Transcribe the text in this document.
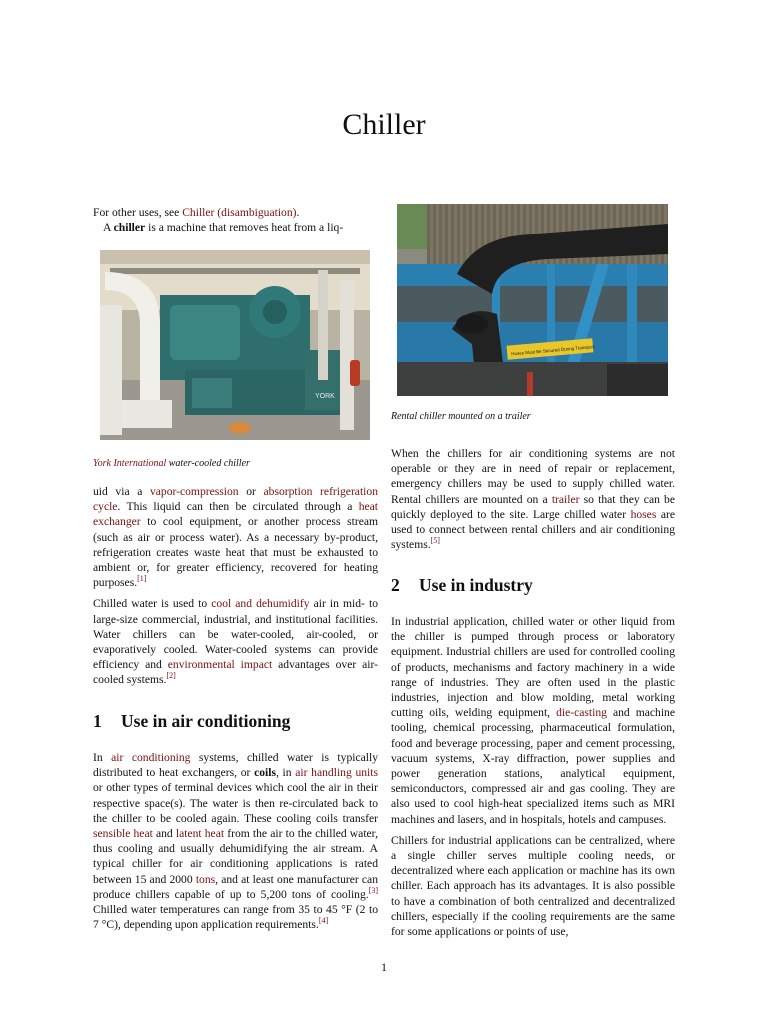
Chiller

For other uses, see Chiller (disambiguation).

A chiller is a machine that removes heat from a liq-

YORK
York International water-cooled chiller

uid via a vapor-compression or absorption refrigeration cycle. This liquid can then be circulated through a heat exchanger to cool equipment, or another process stream (such as air or process water). As a necessary by-product, refrigeration creates waste heat that must be exhausted to ambient or, for greater efficiency, recovered for heating purposes.[1]

Chilled water is used to cool and dehumidify air in mid- to large-size commercial, industrial, and institutional facilities. Water chillers can be water-cooled, air-cooled, or evaporatively cooled. Water-cooled systems can provide efficiency and environmental impact advantages over air-cooled systems.[2]

1 Use in air conditioning

In air conditioning systems, chilled water is typically distributed to heat exchangers, or coils, in air handling units or other types of terminal devices which cool the air in their respective space(s). The water is then re-circulated back to the chiller to be cooled again. These cooling coils transfer sensible heat and latent heat from the air to the chilled water, thus cooling and usually dehumidifying the air stream. A typical chiller for air conditioning applications is rated between 15 and 2000 tons, and at least one manufacturer can produce chillers capable of up to 5,200 tons of cooling.[3] Chilled water temperatures can range from 35 to 45 °F (2 to 7 °C), depending upon application requirements.[4]

Hoses Must Be Secured During Transport
Rental chiller mounted on a trailer

When the chillers for air conditioning systems are not operable or they are in need of repair or replacement, emergency chillers may be used to supply chilled water. Rental chillers are mounted on a trailer so that they can be quickly deployed to the site. Large chilled water hoses are used to connect between rental chillers and air conditioning systems.[5]

2 Use in industry

In industrial application, chilled water or other liquid from the chiller is pumped through process or laboratory equipment. Industrial chillers are used for controlled cooling of products, mechanisms and factory machinery in a wide range of industries. They are often used in the plastic industries, injection and blow molding, metal working cutting oils, welding equipment, die-casting and machine tooling, chemical processing, pharmaceutical formulation, food and beverage processing, paper and cement processing, vacuum systems, X-ray diffraction, power supplies and power generation stations, analytical equipment, semiconductors, compressed air and gas cooling. They are also used to cool high-heat specialized items such as MRI machines and lasers, and in hospitals, hotels and campuses.

Chillers for industrial applications can be centralized, where a single chiller serves multiple cooling needs, or decentralized where each application or machine has its own chiller. Each approach has its advantages. It is also possible to have a combination of both centralized and decentralized chillers, especially if the cooling requirements are the same for some applications or points of use,

1
